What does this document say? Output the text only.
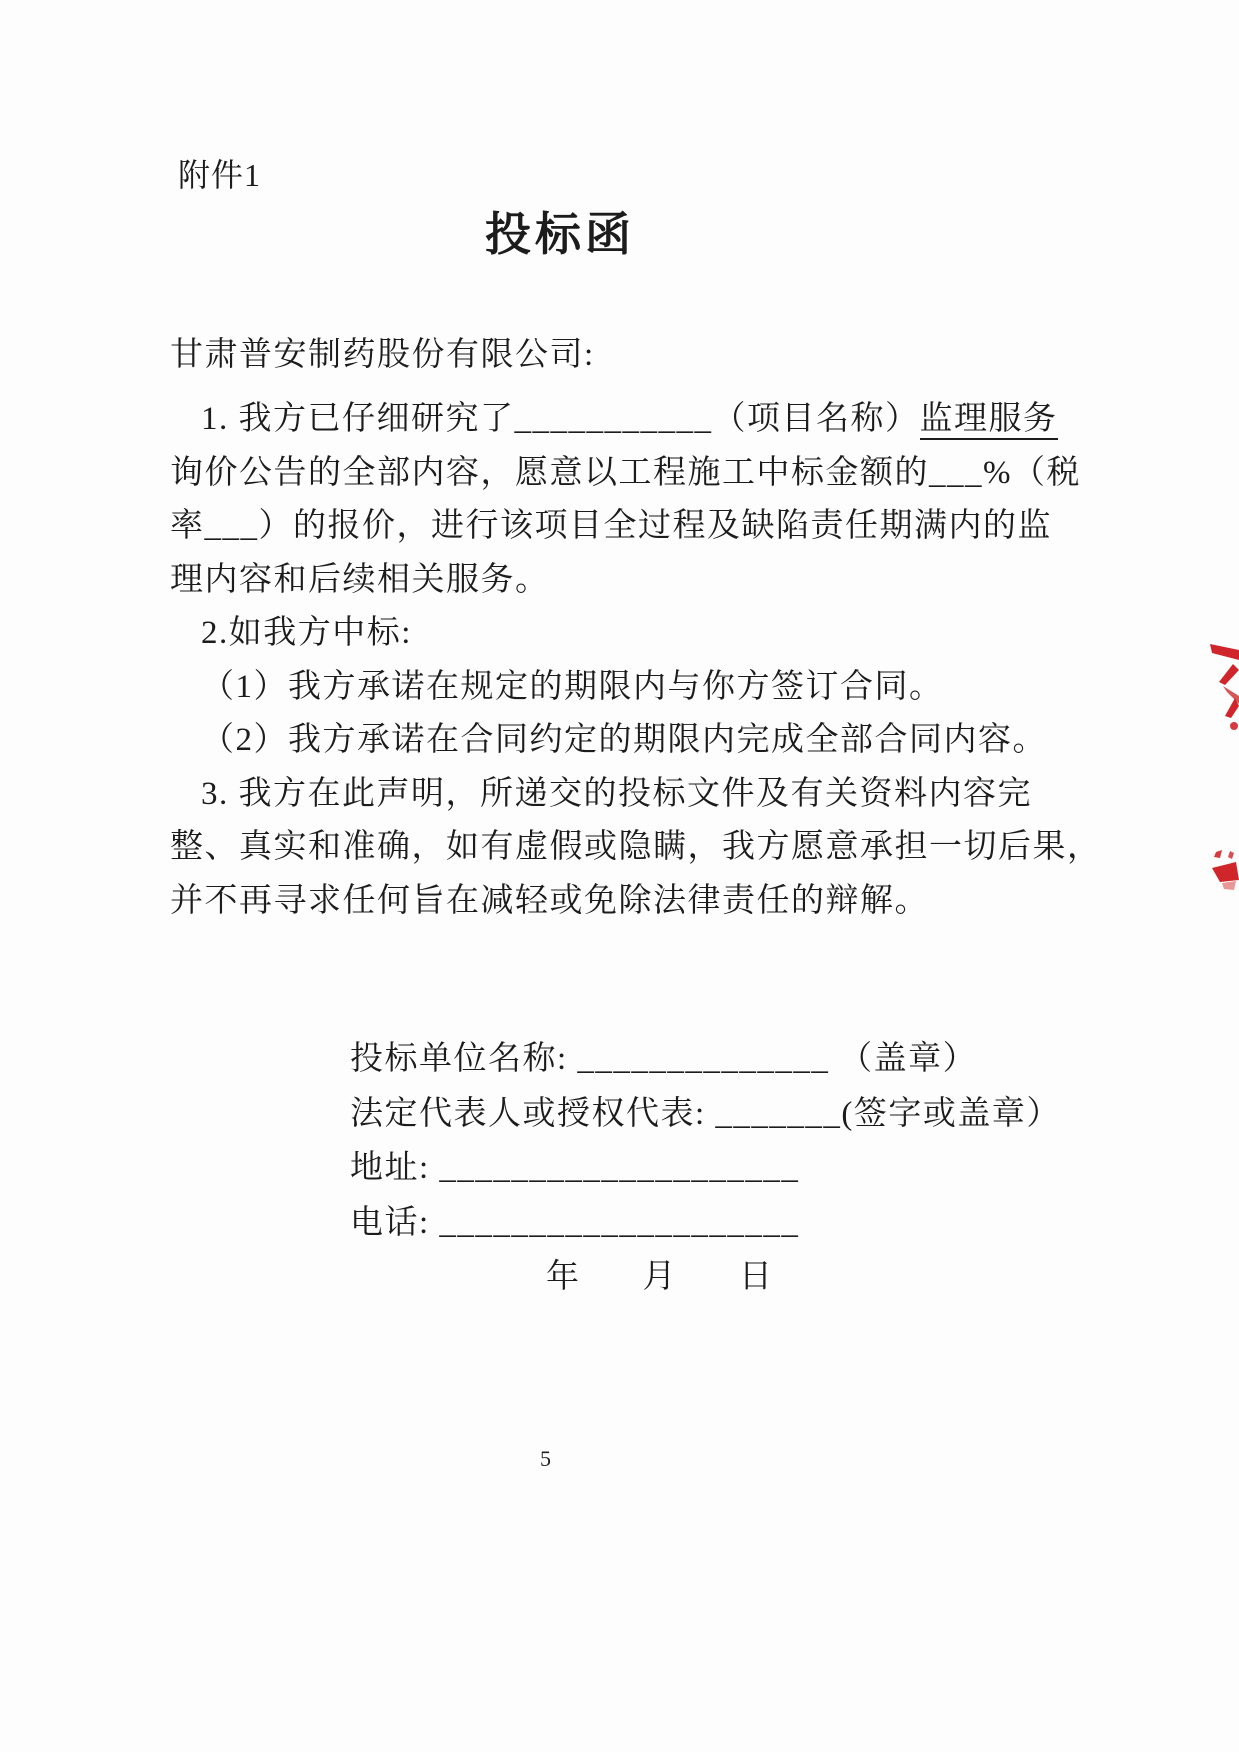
附件1
投标函

甘肃普安制药股份有限公司:

1. 我方已仔细研究了___________（项目名称）监理服务

询价公告的全部内容，愿意以工程施工中标金额的___%（税

率___）的报价，进行该项目全过程及缺陷责任期满内的监

理内容和后续相关服务。

2.如我方中标:

（1）我方承诺在规定的期限内与你方签订合同。

（2）我方承诺在合同约定的期限内完成全部合同内容。

3. 我方在此声明，所递交的投标文件及有关资料内容完

整、真实和准确，如有虚假或隐瞒，我方愿意承担一切后果，

并不再寻求任何旨在减轻或免除法律责任的辩解。

投标单位名称: ______________ （盖章）

法定代表人或授权代表: _______(签字或盖章）

地址: ____________________

电话: ____________________

年      月      日

5
